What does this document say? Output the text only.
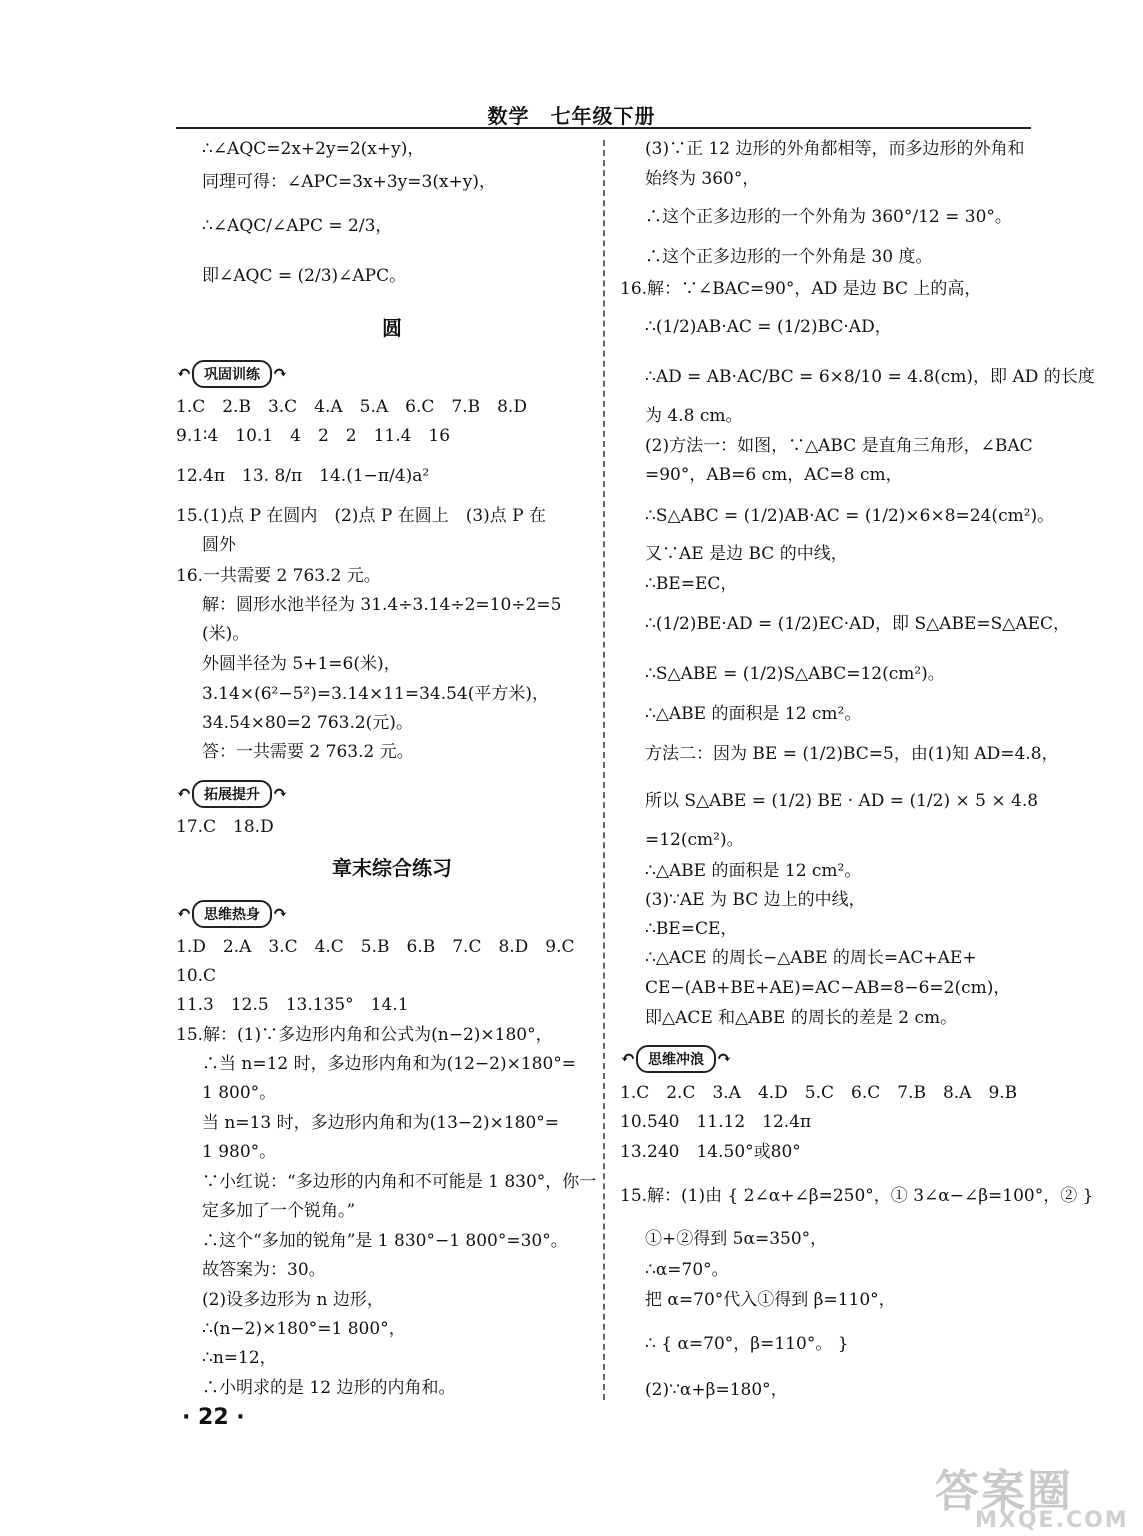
数学　七年级下册
∴∠AQC=2x+2y=2(x+y)，
同理可得：∠APC=3x+3y=3(x+y)，
∴∠AQC/∠APC = 2/3，
即∠AQC = (2/3)∠APC。
圆
↶ 巩固训练 ↷
1.C　2.B　3.C　4.A　5.A　6.C　7.B　8.D
9.1∶4　10.1　4　2　2　11.4　16
12.4π　13. 8/π　14.(1−π/4)a²
15.(1)点 P 在圆内　(2)点 P 在圆上　(3)点 P 在
圆外
16.一共需要 2 763.2 元。
解：圆形水池半径为 31.4÷3.14÷2=10÷2=5
(米)。
外圆半径为 5+1=6(米)，
3.14×(6²−5²)=3.14×11=34.54(平方米)，
34.54×80=2 763.2(元)。
答：一共需要 2 763.2 元。
↶ 拓展提升 ↷
17.C　18.D
章末综合练习
↶ 思维热身 ↷
1.D　2.A　3.C　4.C　5.B　6.B　7.C　8.D　9.C
10.C
11.3　12.5　13.135°　14.1
15.解：(1)∵多边形内角和公式为(n−2)×180°，
∴当 n=12 时，多边形内角和为(12−2)×180°=
1 800°。
当 n=13 时，多边形内角和为(13−2)×180°=
1 980°。
∵小红说：“多边形的内角和不可能是 1 830°，你一
定多加了一个锐角。”
∴这个“多加的锐角”是 1 830°−1 800°=30°。
故答案为：30。
(2)设多边形为 n 边形，
∴(n−2)×180°=1 800°，
∴n=12，
∴小明求的是 12 边形的内角和。
· 22 ·
(3)∵正 12 边形的外角都相等，而多边形的外角和
始终为 360°，
∴这个正多边形的一个外角为 360°/12 = 30°。
∴这个正多边形的一个外角是 30 度。
16.解：∵∠BAC=90°，AD 是边 BC 上的高，
∴(1/2)AB·AC = (1/2)BC·AD，
∴AD = AB·AC/BC = 6×8/10 = 4.8(cm)，即 AD 的长度
为 4.8 cm。
(2)方法一：如图，∵△ABC 是直角三角形，∠BAC
=90°，AB=6 cm，AC=8 cm，
∴S△ABC = (1/2)AB·AC = (1/2)×6×8=24(cm²)。
又∵AE 是边 BC 的中线，
∴BE=EC，
∴(1/2)BE·AD = (1/2)EC·AD，即 S△ABE=S△AEC，
∴S△ABE = (1/2)S△ABC=12(cm²)。
∴△ABE 的面积是 12 cm²。
方法二：因为 BE = (1/2)BC=5，由(1)知 AD=4.8，
所以 S△ABE = (1/2) BE · AD = (1/2) × 5 × 4.8
=12(cm²)。
∴△ABE 的面积是 12 cm²。
(3)∵AE 为 BC 边上的中线，
∴BE=CE，
∴△ACE 的周长−△ABE 的周长=AC+AE+
CE−(AB+BE+AE)=AC−AB=8−6=2(cm)，
即△ACE 和△ABE 的周长的差是 2 cm。
↶ 思维冲浪 ↷
1.C　2.C　3.A　4.D　5.C　6.C　7.B　8.A　9.B
10.540　11.12　12.4π
13.240　14.50°或80°
15.解：(1)由 { 2∠α+∠β=250°，① 3∠α−∠β=100°，② }
①+②得到 5α=350°，
∴α=70°。
把 α=70°代入①得到 β=110°，
∴ { α=70°，β=110°。 }
(2)∵α+β=180°，
答案圈
MXQE.COM
